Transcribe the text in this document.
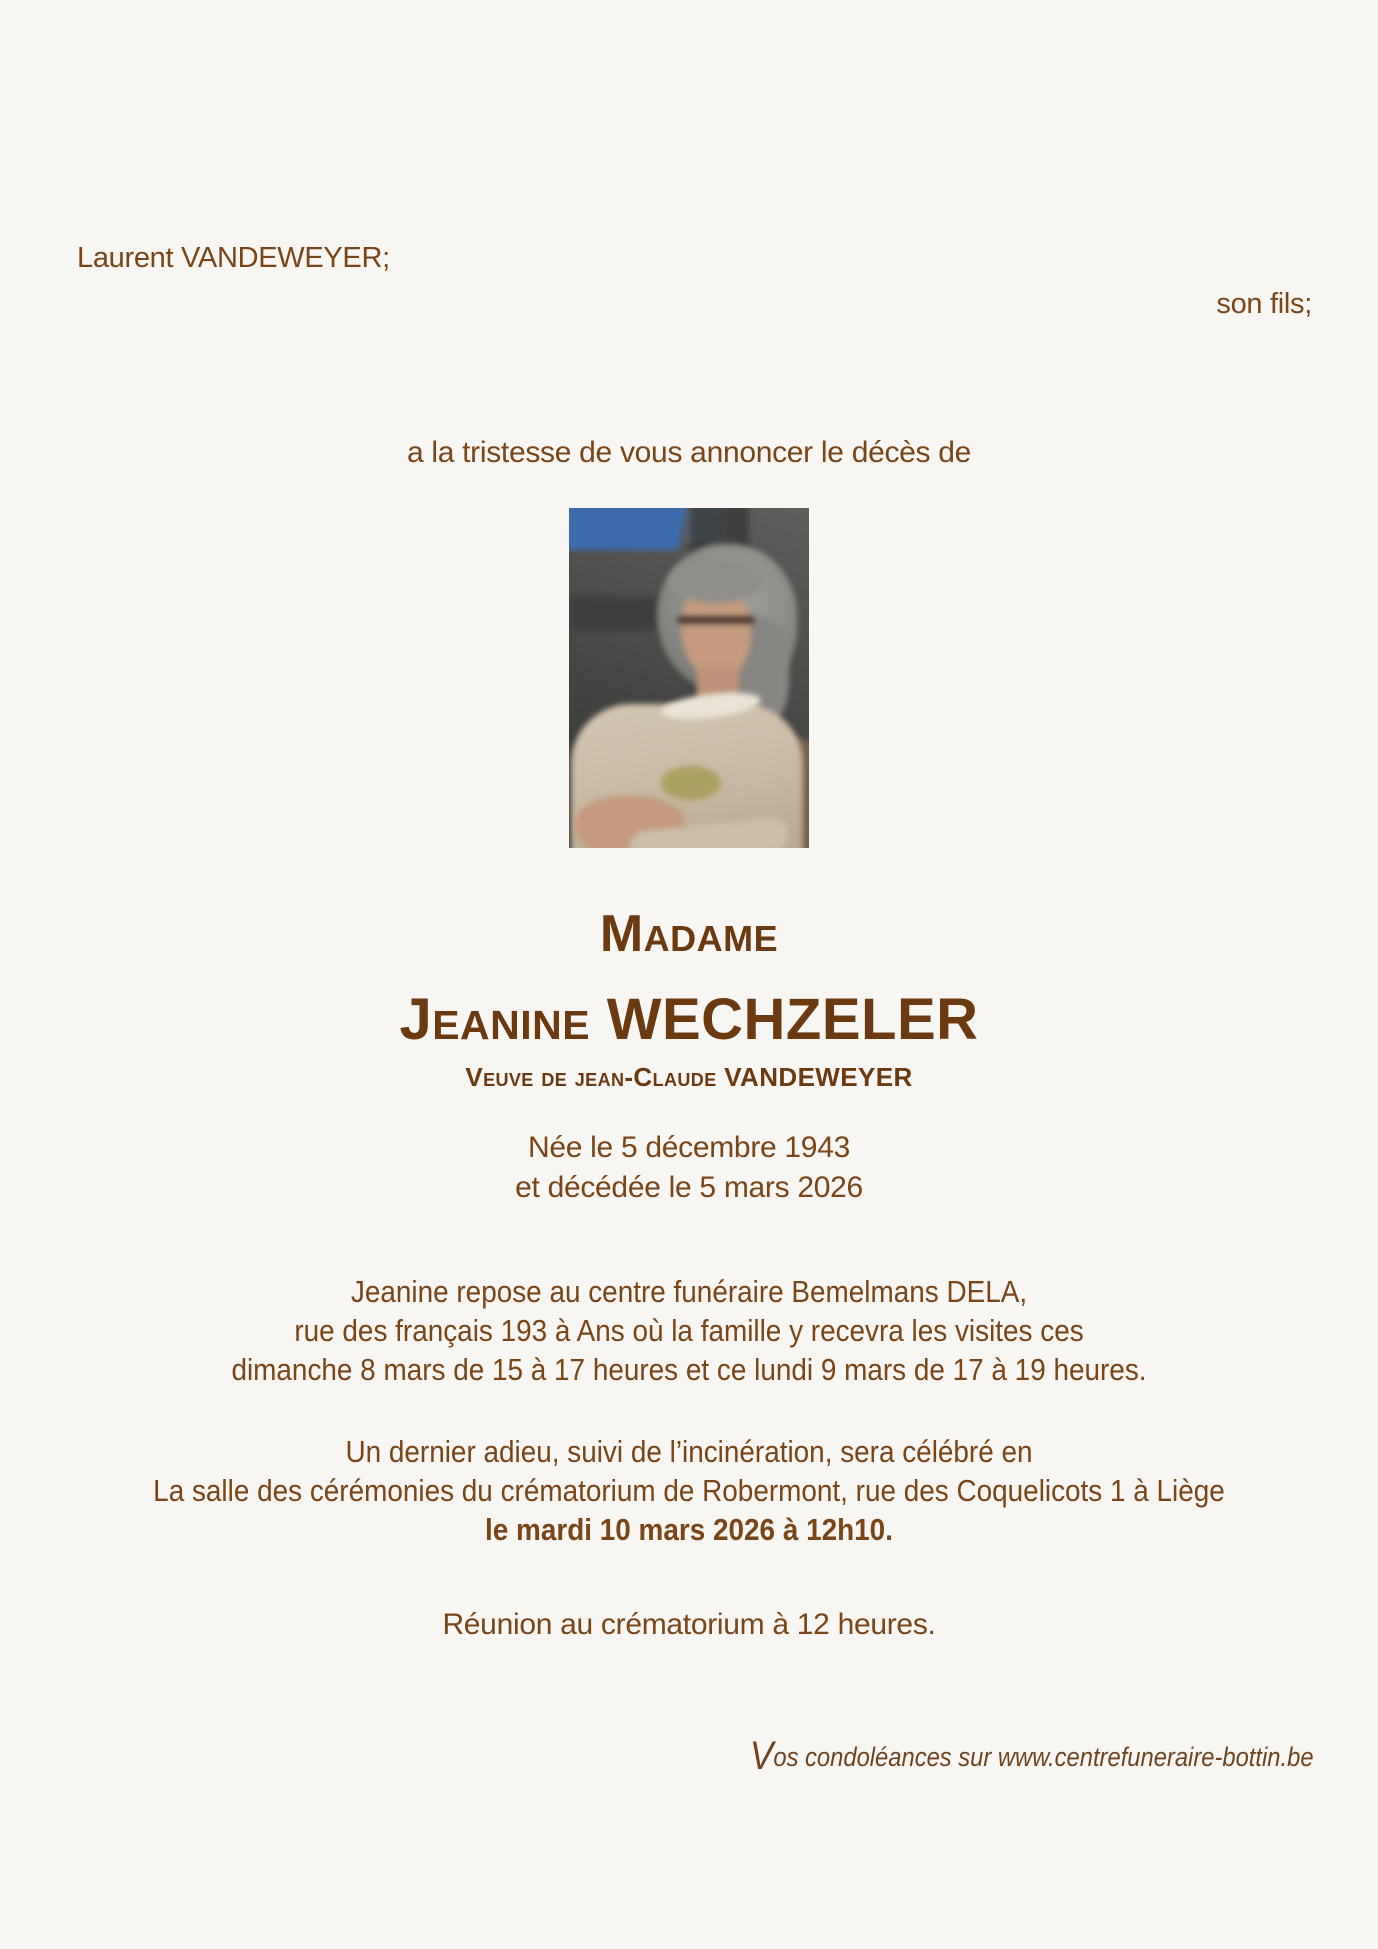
Laurent VANDEWEYER;
son fils;
a la tristesse de vous annoncer le décès de
Madame
Jeanine WECHZELER
Veuve de jean-Claude VANDEWEYER
Née le 5 décembre 1943
et décédée le 5 mars 2026
Jeanine repose au centre funéraire Bemelmans DELA,
rue des français 193 à Ans où la famille y recevra les visites ces
dimanche 8 mars de 15 à 17 heures et ce lundi 9 mars de 17 à 19 heures.
Un dernier adieu, suivi de l’incinération, sera célébré en
La salle des cérémonies du crématorium de Robermont, rue des Coquelicots 1 à Liège
le mardi 10 mars 2026 à 12h10.
Réunion au crématorium à 12 heures.
Vos condoléances sur www.centrefuneraire-bottin.be
